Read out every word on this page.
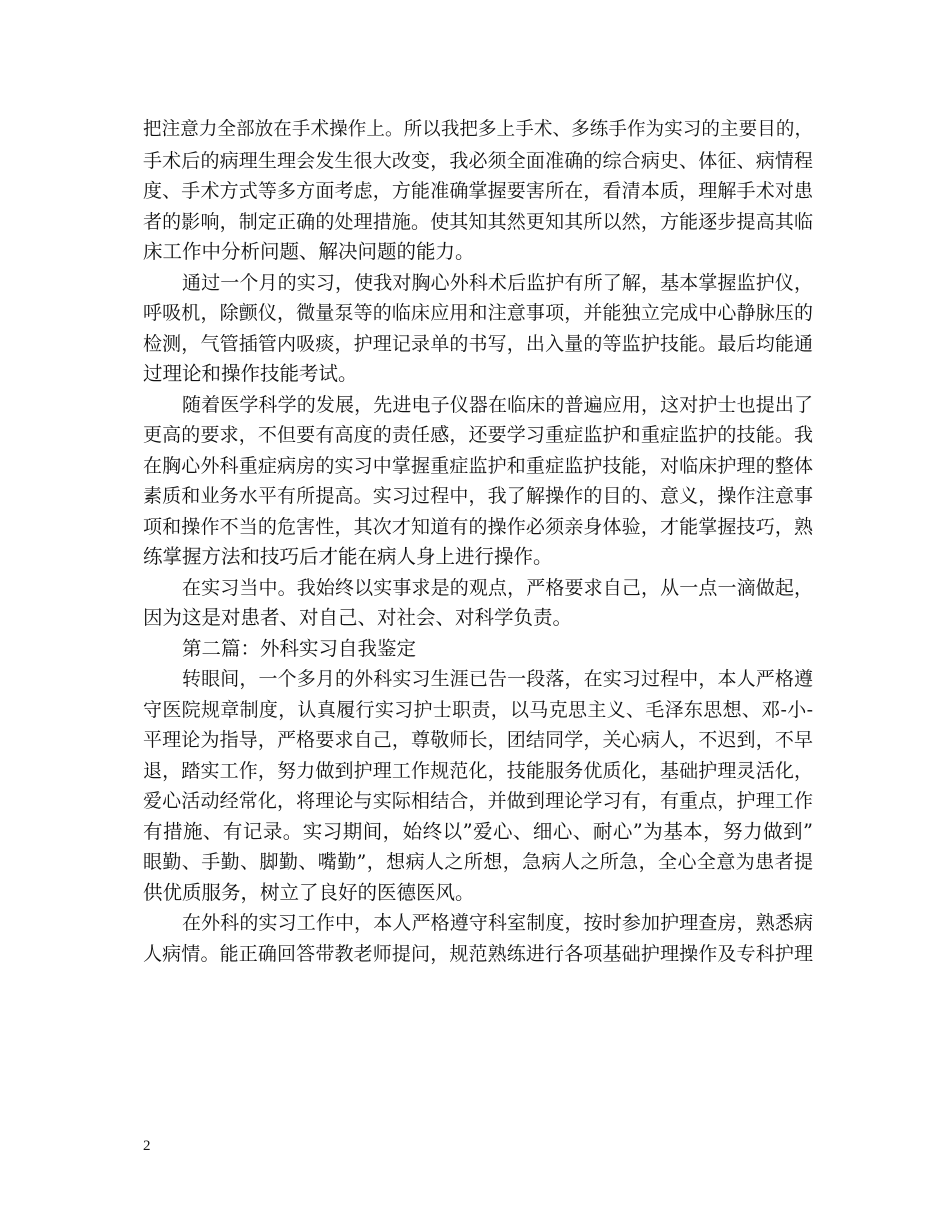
把注意力全部放在手术操作上。所以我把多上手术、多练手作为实习的主要目的，
手术后的病理生理会发生很大改变，我必须全面准确的综合病史、体征、病情程
度、手术方式等多方面考虑，方能准确掌握要害所在，看清本质，理解手术对患
者的影响，制定正确的处理措施。使其知其然更知其所以然，方能逐步提高其临
床工作中分析问题、解决问题的能力。
通过一个月的实习，使我对胸心外科术后监护有所了解，基本掌握监护仪，
呼吸机，除颤仪，微量泵等的临床应用和注意事项，并能独立完成中心静脉压的
检测，气管插管内吸痰，护理记录单的书写，出入量的等监护技能。最后均能通
过理论和操作技能考试。
随着医学科学的发展，先进电子仪器在临床的普遍应用，这对护士也提出了
更高的要求，不但要有高度的责任感，还要学习重症监护和重症监护的技能。我
在胸心外科重症病房的实习中掌握重症监护和重症监护技能，对临床护理的整体
素质和业务水平有所提高。实习过程中，我了解操作的目的、意义，操作注意事
项和操作不当的危害性，其次才知道有的操作必须亲身体验，才能掌握技巧，熟
练掌握方法和技巧后才能在病人身上进行操作。
在实习当中。我始终以实事求是的观点，严格要求自己，从一点一滴做起，
因为这是对患者、对自己、对社会、对科学负责。
第二篇：外科实习自我鉴定
转眼间，一个多月的外科实习生涯已告一段落，在实习过程中，本人严格遵
守医院规章制度，认真履行实习护士职责，以马克思主义、毛泽东思想、邓-小-
平理论为指导，严格要求自己，尊敬师长，团结同学，关心病人，不迟到，不早
退，踏实工作，努力做到护理工作规范化，技能服务优质化，基础护理灵活化，
爱心活动经常化，将理论与实际相结合，并做到理论学习有，有重点，护理工作
有措施、有记录。实习期间，始终以”爱心、细心、耐心”为基本，努力做到”
眼勤、手勤、脚勤、嘴勤”，想病人之所想，急病人之所急，全心全意为患者提
供优质服务，树立了良好的医德医风。
在外科的实习工作中，本人严格遵守科室制度，按时参加护理查房，熟悉病
人病情。能正确回答带教老师提问，规范熟练进行各项基础护理操作及专科护理
2
